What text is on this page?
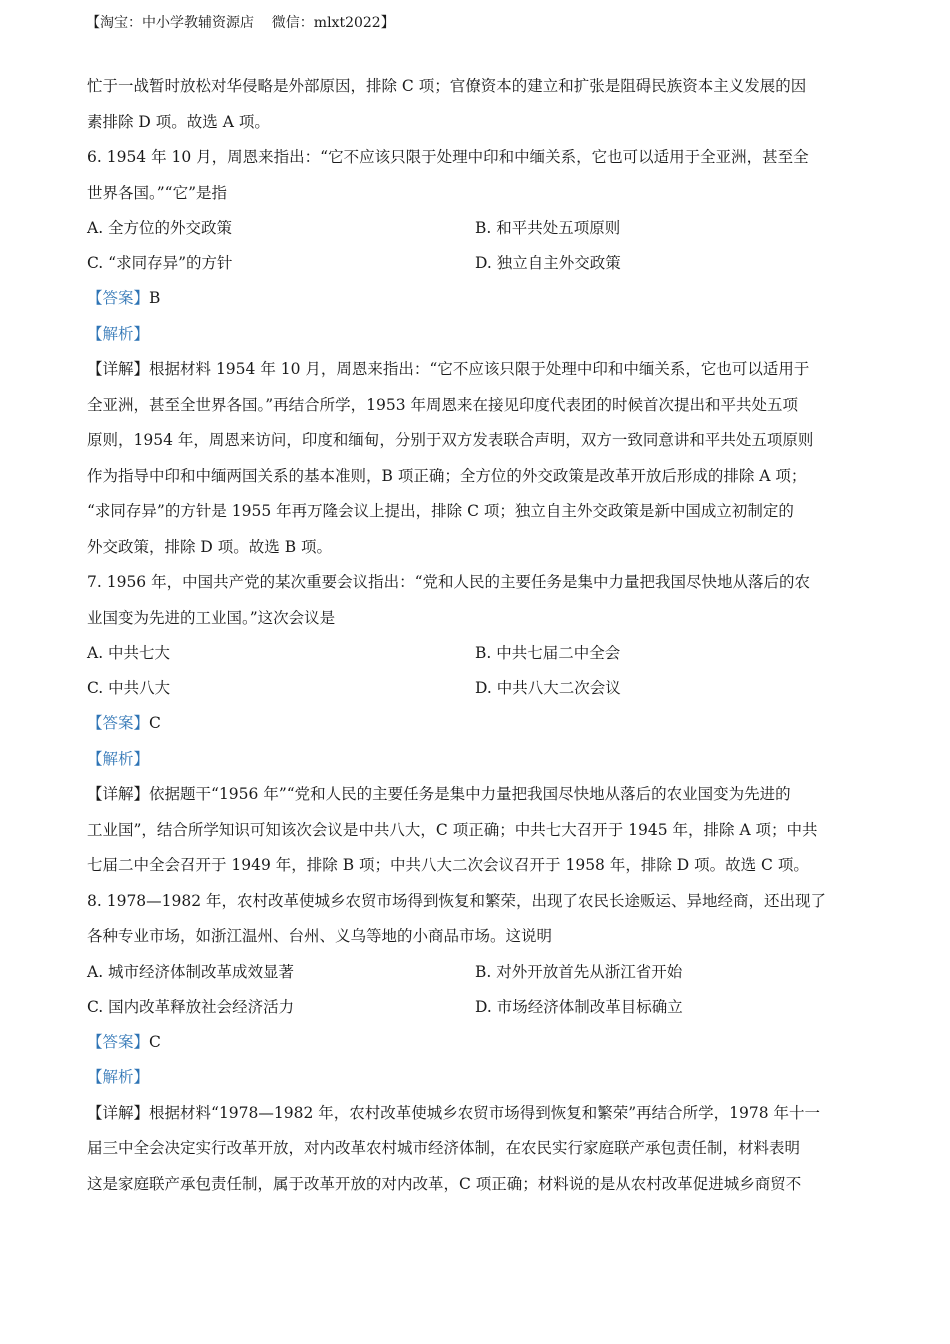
【淘宝：中小学教辅资源店    微信：mlxt2022】
忙于一战暂时放松对华侵略是外部原因，排除 C 项；官僚资本的建立和扩张是阻碍民族资本主义发展的因
素排除 D 项。故选 A 项。
6. 1954 年 10 月，周恩来指出：“它不应该只限于处理中印和中缅关系，它也可以适用于全亚洲，甚至全
世界各国。”“它”是指
A. 全方位的外交政策	B. 和平共处五项原则
C. “求同存异”的方针	D. 独立自主外交政策
【答案】B
【解析】
【详解】根据材料 1954 年 10 月，周恩来指出：“它不应该只限于处理中印和中缅关系，它也可以适用于
全亚洲，甚至全世界各国。”再结合所学，1953 年周恩来在接见印度代表团的时候首次提出和平共处五项
原则，1954 年，周恩来访问，印度和缅甸，分别于双方发表联合声明，双方一致同意讲和平共处五项原则
作为指导中印和中缅两国关系的基本准则，B 项正确；全方位的外交政策是改革开放后形成的排除 A 项；
“求同存异”的方针是 1955 年再万隆会议上提出，排除 C 项；独立自主外交政策是新中国成立初制定的
外交政策，排除 D 项。故选 B 项。
7. 1956 年，中国共产党的某次重要会议指出：“党和人民的主要任务是集中力量把我国尽快地从落后的农
业国变为先进的工业国。”这次会议是
A. 中共七大	B. 中共七届二中全会
C. 中共八大	D. 中共八大二次会议
【答案】C
【解析】
【详解】依据题干“1956 年”“党和人民的主要任务是集中力量把我国尽快地从落后的农业国变为先进的
工业国”，结合所学知识可知该次会议是中共八大，C 项正确；中共七大召开于 1945 年，排除 A 项；中共
七届二中全会召开于 1949 年，排除 B 项；中共八大二次会议召开于 1958 年，排除 D 项。故选 C 项。
8. 1978—1982 年，农村改革使城乡农贸市场得到恢复和繁荣，出现了农民长途贩运、异地经商，还出现了
各种专业市场，如浙江温州、台州、义乌等地的小商品市场。这说明
A. 城市经济体制改革成效显著	B. 对外开放首先从浙江省开始
C. 国内改革释放社会经济活力	D. 市场经济体制改革目标确立
【答案】C
【解析】
【详解】根据材料“1978—1982 年，农村改革使城乡农贸市场得到恢复和繁荣”再结合所学，1978 年十一
届三中全会决定实行改革开放，对内改革农村城市经济体制，在农民实行家庭联产承包责任制，材料表明
这是家庭联产承包责任制，属于改革开放的对内改革，C 项正确；材料说的是从农村改革促进城乡商贸不
